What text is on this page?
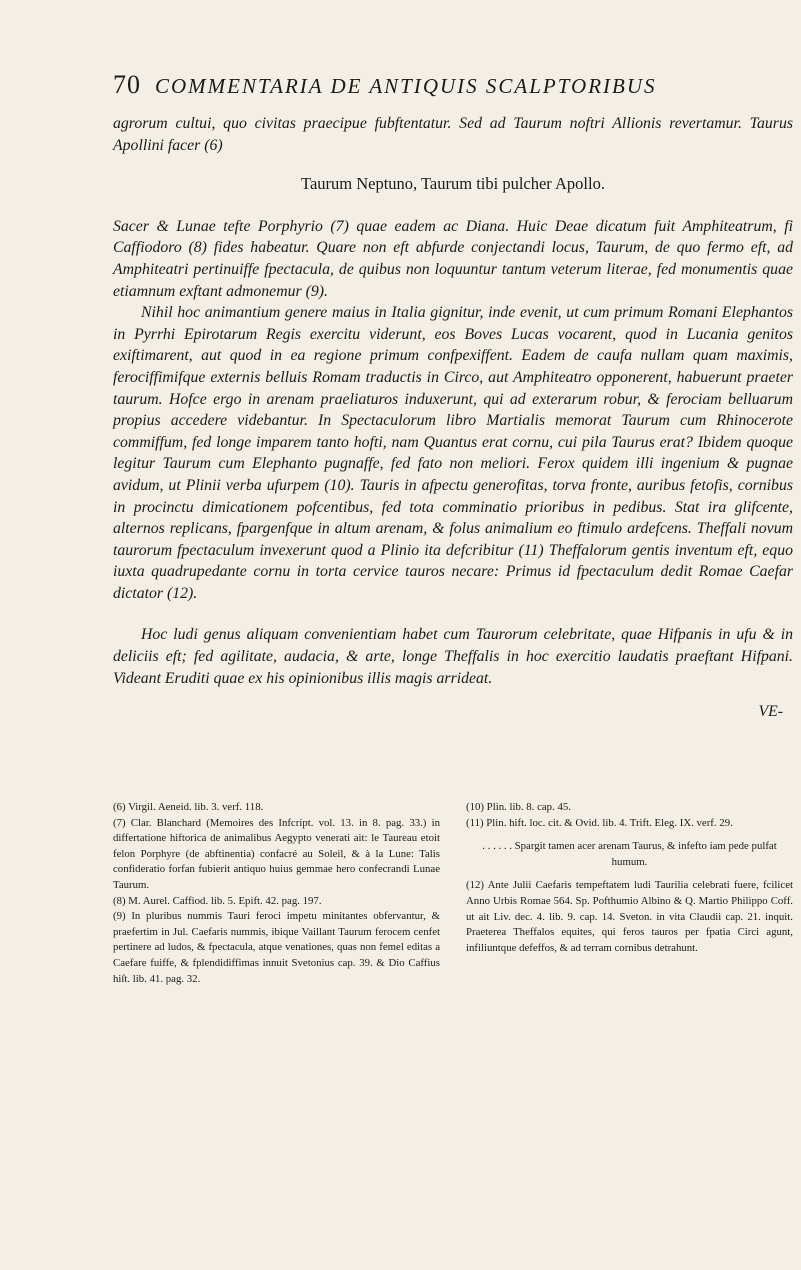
70 COMMENTARIA DE ANTIQUIS SCALPTORIBUS

agrorum cultui, quo civitas praecipue fubftentatur. Sed ad Taurum noftri Allionis revertamur. Taurus Apollini facer (6)

Taurum Neptuno, Taurum tibi pulcher Apollo.

Sacer & Lunae tefte Porphyrio (7) quae eadem ac Diana. Huic Deae dicatum fuit Amphiteatrum, fi Caffiodoro (8) fides habeatur. Quare non eft abfurde conjectandi locus, Taurum, de quo fermo eft, ad Amphiteatri pertinuiffe fpectacula, de quibus non loquuntur tantum veterum literae, fed monumentis quae etiamnum exftant admonemur (9).

Nihil hoc animantium genere maius in Italia gignitur, inde evenit, ut cum primum Romani Elephantos in Pyrrhi Epirotarum Regis exercitu viderunt, eos Boves Lucas vocarent, quod in Lucania genitos exiftimarent, aut quod in ea regione primum confpexiffent. Eadem de caufa nullam quam maximis, ferociffimifque externis belluis Romam traductis in Circo, aut Amphiteatro opponerent, habuerunt praeter taurum. Hofce ergo in arenam praeliaturos induxerunt, qui ad exterarum robur, & ferociam belluarum propius accedere videbantur. In Spectaculorum libro Martialis memorat Taurum cum Rhinocerote commiffum, fed longe imparem tanto hofti, nam Quantus erat cornu, cui pila Taurus erat? Ibidem quoque legitur Taurum cum Elephanto pugnaffe, fed fato non meliori. Ferox quidem illi ingenium & pugnae avidum, ut Plinii verba ufurpem (10). Tauris in afpectu generofitas, torva fronte, auribus fetofis, cornibus in procinctu dimicationem pofcentibus, fed tota comminatio prioribus in pedibus. Stat ira glifcente, alternos replicans, fpargenfque in altum arenam, & folus animalium eo ftimulo ardefcens. Theffali novum taurorum fpectaculum invexerunt quod a Plinio ita defcribitur (11) Theffalorum gentis inventum eft, equo iuxta quadrupedante cornu in torta cervice tauros necare: Primus id fpectaculum dedit Romae Caefar dictator (12).

Hoc ludi genus aliquam convenientiam habet cum Taurorum celebritate, quae Hifpanis in ufu & in deliciis eft; fed agilitate, audacia, & arte, longe Theffalis in hoc exercitio laudatis praeftant Hifpani. Videant Eruditi quae ex his opinionibus illis magis arrideat.

VE-

(6) Virgil. Aeneid. lib. 3. verf. 118.

(7) Clar. Blanchard (Memoires des Infcript. vol. 13. in 8. pag. 33.) in differtatione hiftorica de animalibus Aegypto venerati ait: le Taureau etoit felon Porphyre (de abftinentia) confacré au Soleil, & à la Lune: Talis confideratio forfan fubierit antiquo huius gemmae hero confecrandi Lunae Taurum.

(8) M. Aurel. Caffiod. lib. 5. Epift. 42. pag. 197.

(9) In pluribus nummis Tauri feroci impetu minitantes obfervantur, & praefertim in Jul. Caefaris nummis, ibique Vaillant Taurum ferocem cenfet pertinere ad ludos, & fpectacula, atque venationes, quas non femel editas a Caefare fuiffe, & fplendidiffimas innuit Svetonius cap. 39. & Dio Caffius hiſt. lib. 41. pag. 32.

(10) Plin. lib. 8. cap. 45.

(11) Plin. hift. loc. cit. & Ovid. lib. 4. Trift. Eleg. IX. verf. 29.

. . . . . . Spargit tamen acer arenam Taurus, & infefto iam pede pulfat humum.

(12) Ante Julii Caefaris tempeftatem ludi Taurilia celebrati fuere, fcilicet Anno Urbis Romae 564. Sp. Pofthumio Albino & Q. Martio Philippo Coff. ut ait Liv. dec. 4. lib. 9. cap. 14. Sveton. in vita Claudii cap. 21. inquit. Praeterea Theffalos equites, qui feros tauros per fpatia Circi agunt, infiliuntque defeffos, & ad terram cornibus detrahunt.
